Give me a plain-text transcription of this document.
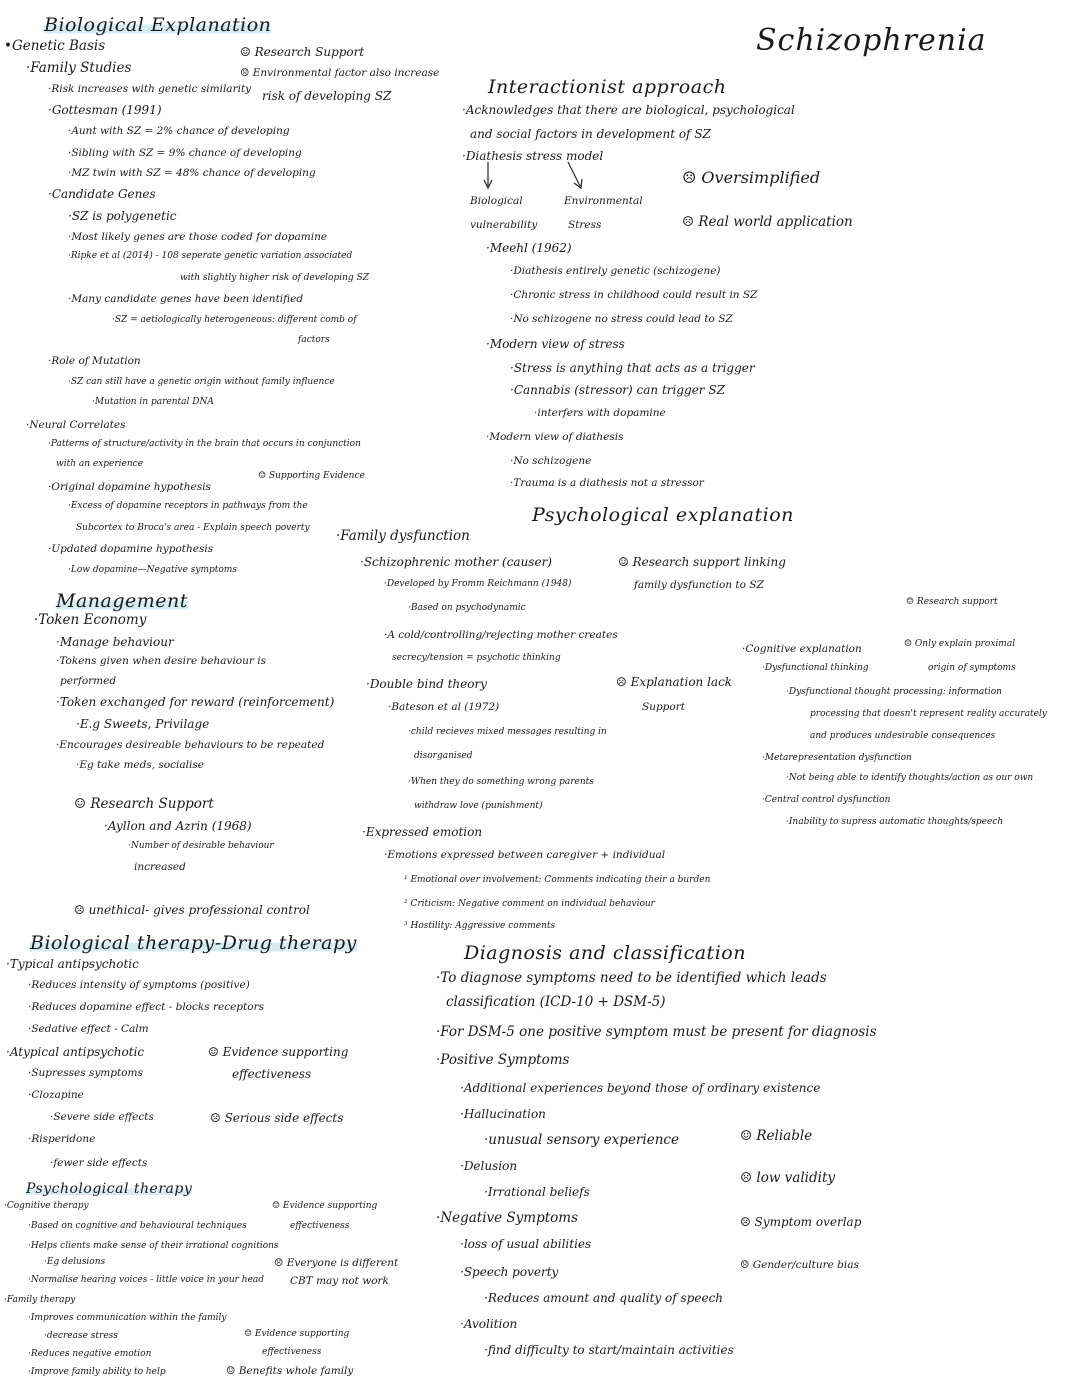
Schizophrenia
Biological Explanation
•Genetic Basis	☺ Research Support
·Family Studies	☹ Environmental factor also increase
·Risk increases with genetic similarity risk of developing SZ
·Gottesman (1991)
·Aunt with SZ = 2% chance of developing
·Sibling with SZ = 9% chance of developing
·MZ twin with SZ = 48% chance of developing
·Candidate Genes
·SZ is polygenetic
·Most likely genes are those coded for dopamine
·Ripke et al (2014) - 108 seperate genetic variation associated
with slightly higher risk of developing SZ
·Many candidate genes have been identified
·SZ = aetiologically heterogeneous: different comb of
factors
·Role of Mutation
·SZ can still have a genetic origin without family influence
·Mutation in parental DNA
·Neural Correlates
·Patterns of structure/activity in the brain that occurs in conjunction
with an experience
☺ Supporting Evidence
·Original dopamine hypothesis
·Excess of dopamine receptors in pathways from the
Subcortex to Broca's area - Explain speech poverty
·Updated dopamine hypothesis
·Low dopamine—Negative symptoms
Management
·Token Economy
·Manage behaviour
·Tokens given when desire behaviour is
performed
·Token exchanged for reward (reinforcement)
·E.g Sweets, Privilage
·Encourages desireable behaviours to be repeated
·Eg take meds, socialise
☺ Research Support
·Ayllon and Azrin (1968)
·Number of desirable behaviour
increased
☹ unethical- gives professional control
Biological therapy-Drug therapy
·Typical antipsychotic
·Reduces intensity of symptoms (positive)
·Reduces dopamine effect - blocks receptors
·Sedative effect - Calm
·Atypical antipsychotic	☺ Evidence supporting
·Supresses symptoms	effectiveness
·Clozapine
·Severe side effects	☹ Serious side effects
·Risperidone
·fewer side effects
Psychological therapy
·Cognitive therapy	☺ Evidence supporting
·Based on cognitive and behavioural techniques	effectiveness
·Helps clients make sense of their irrational cognitions
·Eg delusions	☹ Everyone is different
·Normalise hearing voices - little voice in your head CBT may not work
·Family therapy
·Improves communication within the family
·decrease stress	☺ Evidence supporting
·Reduces negative emotion	effectiveness
·Improve family ability to help	☺ Benefits whole family
Interactionist approach
·Acknowledges that there are biological, psychological
and social factors in development of SZ
·Diathesis stress model
☹ Oversimplified
Biological	Environmental
vulnerability	Stress	☹ Real world application
·Meehl (1962)
·Diathesis entirely genetic (schizogene)
·Chronic stress in childhood could result in SZ
·No schizogene no stress could lead to SZ
·Modern view of stress
·Stress is anything that acts as a trigger
·Cannabis (stressor) can trigger SZ
·interfers with dopamine
·Modern view of diathesis
·No schizogene
·Trauma is a diathesis not a stressor
Psychological explanation
·Family dysfunction
·Schizophrenic mother (causer)	☺ Research support linking
·Developed by Fromm Reichmann (1948)	family dysfunction to SZ
·Based on psychodynamic
☺ Research support
·A cold/controlling/rejecting mother creates
secrecy/tension = psychotic thinking
·Cognitive explanation	☹ Only explain proximal
·Dysfunctional thinking	origin of symptoms
·Double bind theory	☹ Explanation lack
·Dysfunctional thought processing: information
·Bateson et al (1972)	Support
processing that doesn't represent reality accurately
·child recieves mixed messages resulting in	and produces undesirable consequences
disorganised	·Metarepresentation dysfunction
·When they do something wrong parents	·Not being able to identify thoughts/action as our own
·Central control dysfunction
withdraw love (punishment)
·Inability to supress automatic thoughts/speech
·Expressed emotion
·Emotions expressed between caregiver + individual
¹ Emotional over involvement: Comments indicating their a burden
² Criticism: Negative comment on individual behaviour
³ Hostility: Aggressive comments
Diagnosis and classification
·To diagnose symptoms need to be identified which leads
classification (ICD-10 + DSM-5)
·For DSM-5 one positive symptom must be present for diagnosis
·Positive Symptoms
·Additional experiences beyond those of ordinary existence
·Hallucination
·unusual sensory experience	☺ Reliable
·Delusion
☹ low validity
·Irrational beliefs
·Negative Symptoms	☹ Symptom overlap
·loss of usual abilities
☹ Gender/culture bias
·Speech poverty
·Reduces amount and quality of speech
·Avolition
·find difficulty to start/maintain activities
